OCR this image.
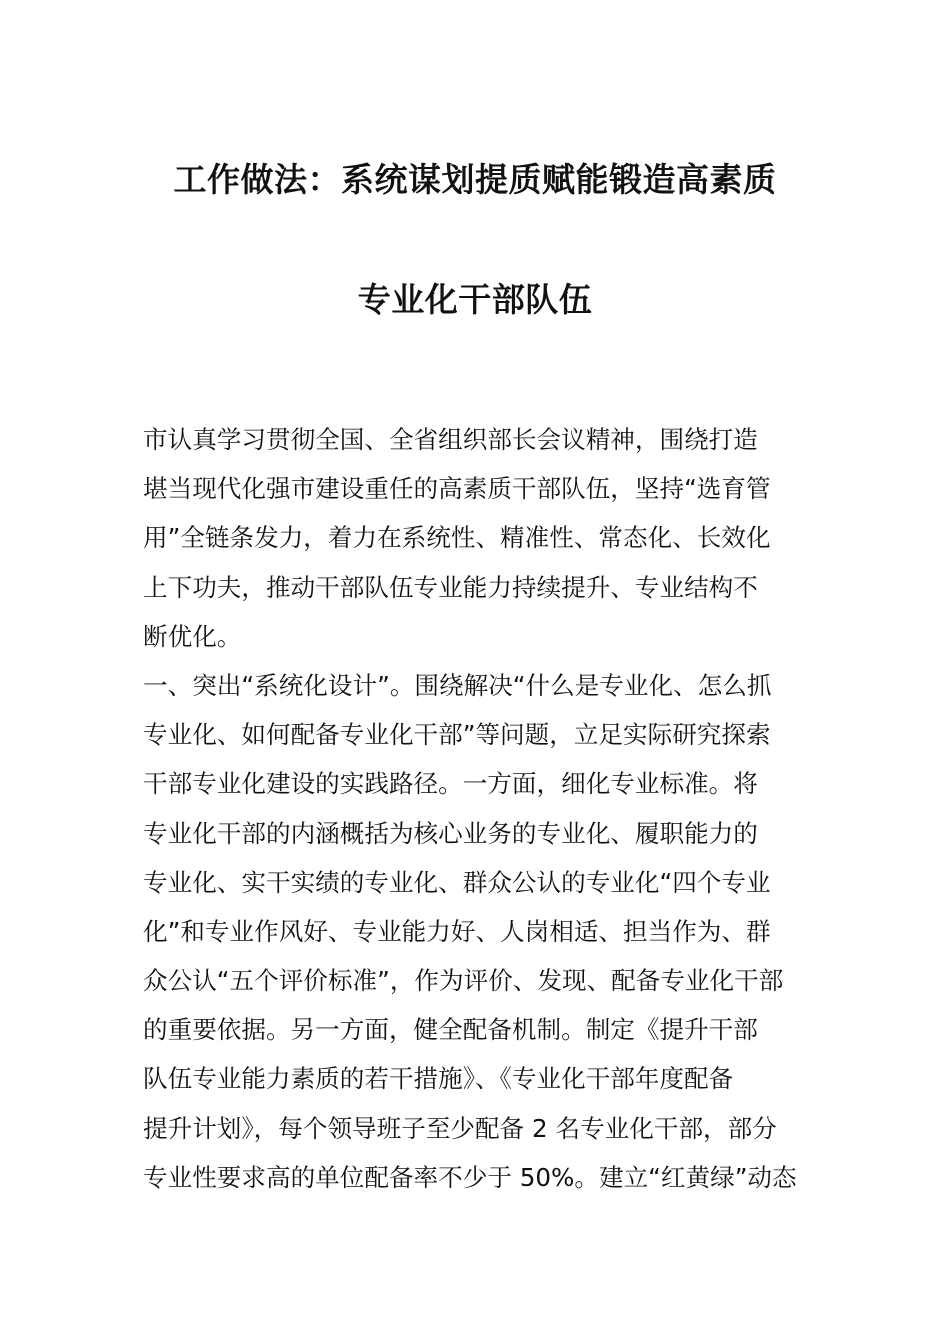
工作做法：系统谋划提质赋能锻造高素质
专业化干部队伍
市认真学习贯彻全国、全省组织部长会议精神，围绕打造
堪当现代化强市建设重任的高素质干部队伍，坚持“选育管
用”全链条发力，着力在系统性、精准性、常态化、长效化
上下功夫，推动干部队伍专业能力持续提升、专业结构不
断优化。
一、突出“系统化设计”。围绕解决“什么是专业化、怎么抓
专业化、如何配备专业化干部”等问题，立足实际研究探索
干部专业化建设的实践路径。一方面，细化专业标准。将
专业化干部的内涵概括为核心业务的专业化、履职能力的
专业化、实干实绩的专业化、群众公认的专业化“四个专业
化”和专业作风好、专业能力好、人岗相适、担当作为、群
众公认“五个评价标准”，作为评价、发现、配备专业化干部
的重要依据。另一方面，健全配备机制。制定《提升干部
队伍专业能力素质的若干措施》、《专业化干部年度配备
提升计划》，每个领导班子至少配备 2 名专业化干部，部分
专业性要求高的单位配备率不少于 50%。建立“红黄绿”动态
